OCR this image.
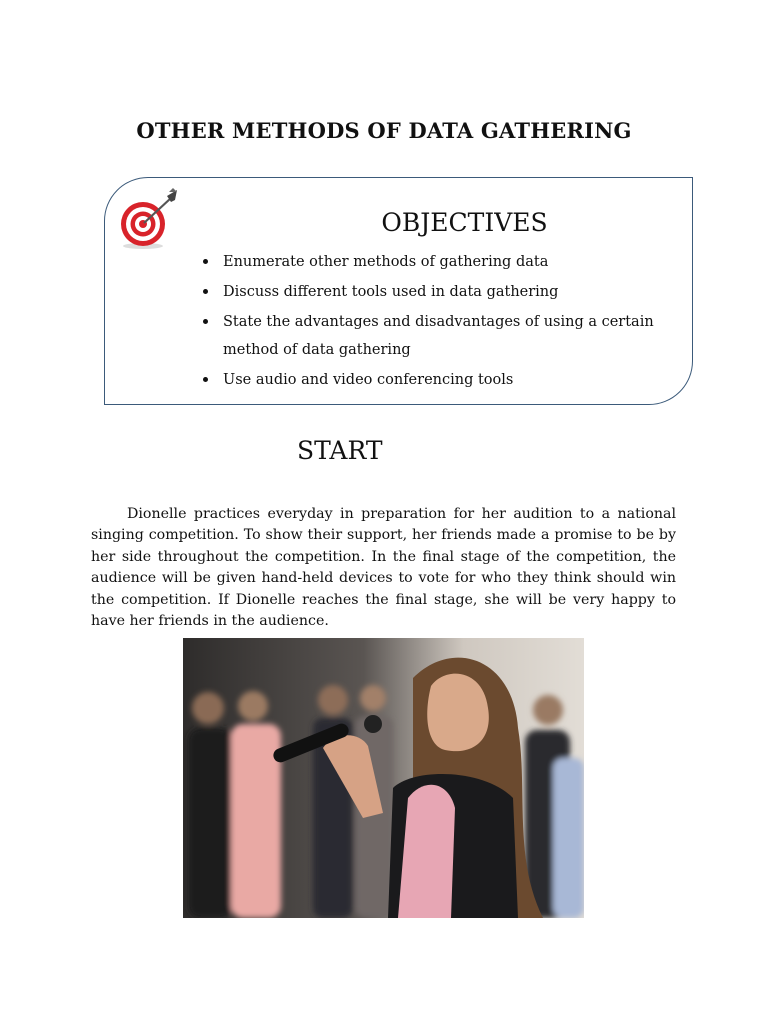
OTHER METHODS OF DATA GATHERING
OBJECTIVES
Enumerate other methods of gathering data
Discuss different tools used in data gathering
State the advantages and disadvantages of using a certain method of data gathering
Use audio and video conferencing tools
START

Dionelle practices everyday in preparation for her audition to a national singing competition. To show their support, her friends made a promise to be by her side throughout the competition. In the final stage of the competition, the audience will be given hand-held devices to vote for who they think should win the competition. If Dionelle reaches the final stage, she will be very happy to have her friends in the audience.
